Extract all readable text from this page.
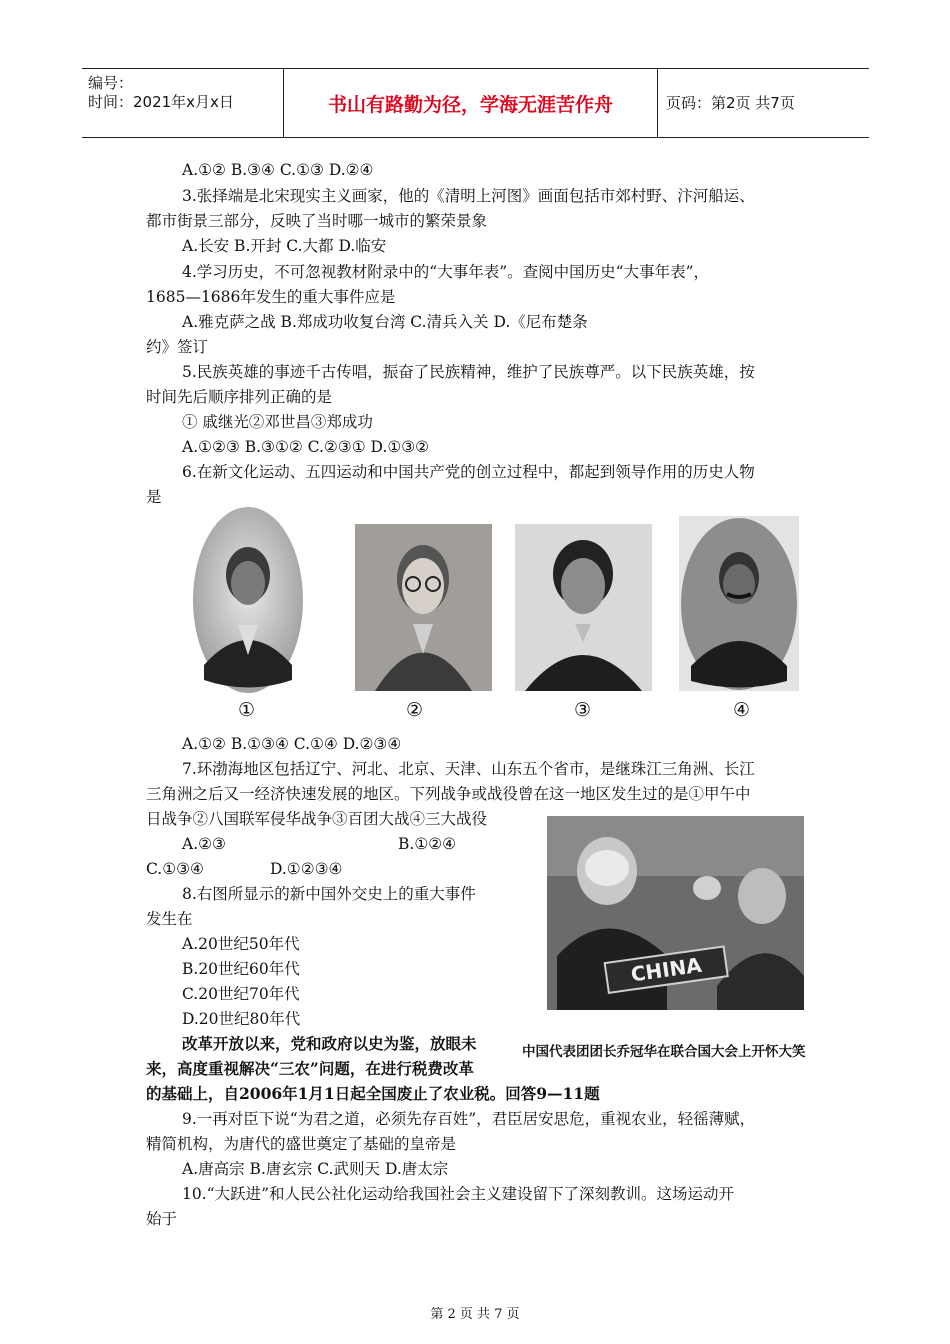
编号：
时间：2021年x月x日	书山有路勤为径，学海无涯苦作舟	页码：第2页 共7页
A.①② B.③④ C.①③ D.②④
3.张择端是北宋现实主义画家，他的《清明上河图》画面包括市郊村野、汴河船运、
都市街景三部分，反映了当时哪一城市的繁荣景象
A.长安 B.开封 C.大都 D.临安
4.学习历史，不可忽视教材附录中的“大事年表”。查阅中国历史“大事年表”，
1685—1686年发生的重大事件应是
A.雅克萨之战 B.郑成功收复台湾 C.清兵入关 D.《尼布楚条
约》签订
5.民族英雄的事迹千古传唱，振奋了民族精神，维护了民族尊严。以下民族英雄，按
时间先后顺序排列正确的是
① 戚继光②邓世昌③郑成功
A.①②③ B.③①② C.②③① D.①③②
6.在新文化运动、五四运动和中国共产党的创立过程中，都起到领导作用的历史人物
是
①	②	③	④
A.①② B.①③④ C.①④ D.②③④
7.环渤海地区包括辽宁、河北、北京、天津、山东五个省市，是继珠江三角洲、长江
三角洲之后又一经济快速发展的地区。下列战争或战役曾在这一地区发生过的是①甲午中
日战争②八国联军侵华战争③百团大战④三大战役
A.②③	B.①②④
C.①③④	D.①②③④
8.右图所显示的新中国外交史上的重大事件
发生在
A.20世纪50年代
B.20世纪60年代
C.20世纪70年代
D.20世纪80年代
CHINA
中国代表团团长乔冠华在联合国大会上开怀大笑
改革开放以来，党和政府以史为鉴，放眼未
来，高度重视解决“三农”问题，在进行税费改革
的基础上，自2006年1月1日起全国废止了农业税。回答9—11题
9.一再对臣下说“为君之道，必须先存百姓”，君臣居安思危，重视农业，轻徭薄赋，
精简机构，为唐代的盛世奠定了基础的皇帝是
A.唐高宗 B.唐玄宗 C.武则天 D.唐太宗
10.“大跃进”和人民公社化运动给我国社会主义建设留下了深刻教训。这场运动开
始于
第 2 页 共 7 页
